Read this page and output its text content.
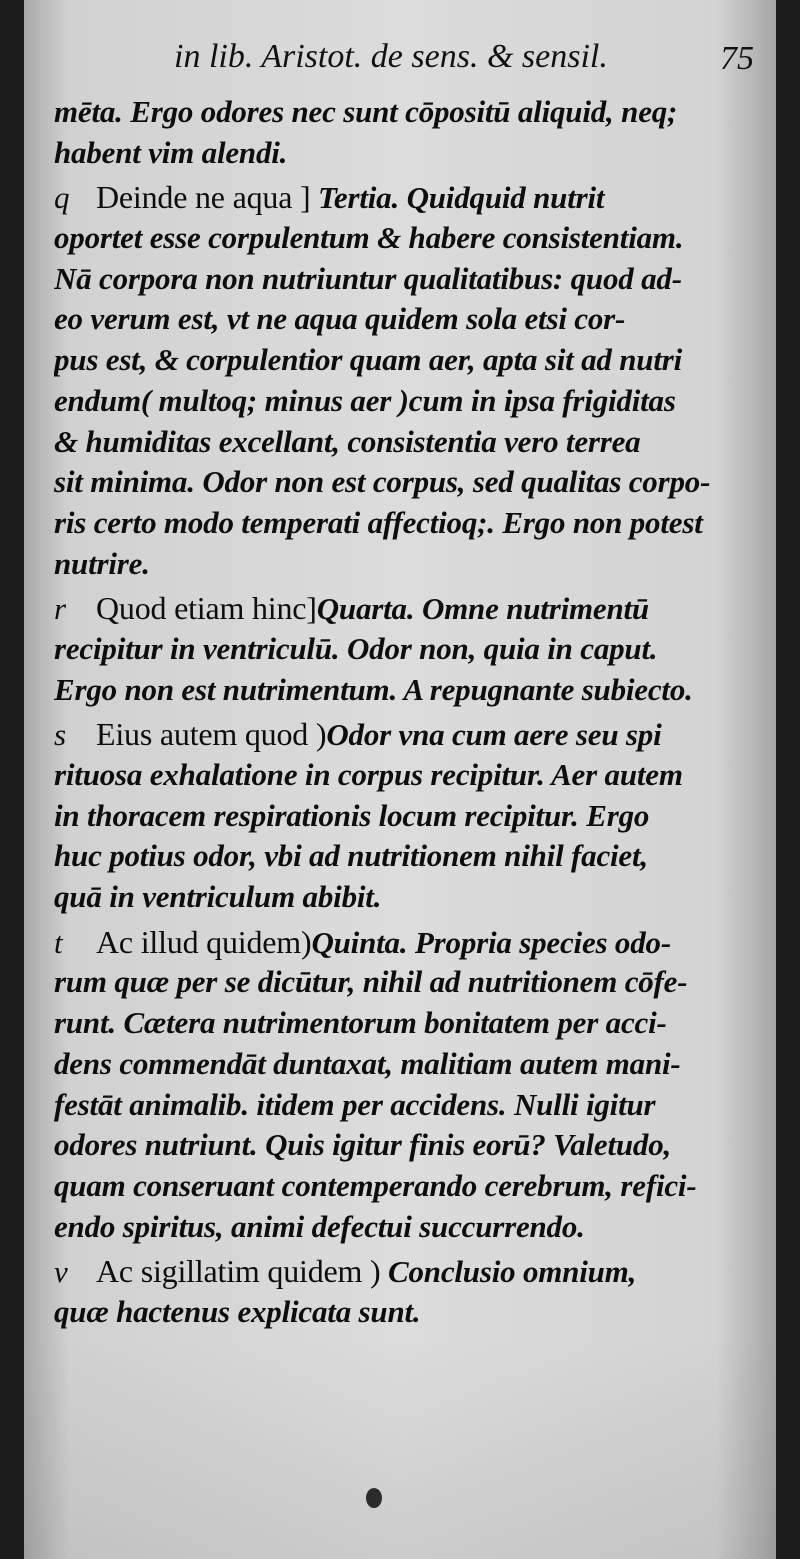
in lib. Aristot. de sens. & sensil.	75
mēta. Ergo odores nec sunt cōpositū aliquid, neq;
habent vim alendi.
q Deinde ne aqua ] Tertia. Quidquid nutrit
oportet esse corpulentum & habere consistentiam.
Nā corpora non nutriuntur qualitatibus: quod ad-
eo verum est, vt ne aqua quidem sola etsi cor-
pus est, & corpulentior quam aer, apta sit ad nutri
endum( multoq; minus aer )cum in ipsa frigiditas
& humiditas excellant, consistentia vero terrea
sit minima. Odor non est corpus, sed qualitas corpo-
ris certo modo temperati affectioq;. Ergo non potest
nutrire.
r Quod etiam hinc]Quarta. Omne nutrimentū
recipitur in ventriculū. Odor non, quia in caput.
Ergo non est nutrimentum. A repugnante subiecto.
s Eius autem quod )Odor vna cum aere seu spi
rituosa exhalatione in corpus recipitur. Aer autem
in thoracem respirationis locum recipitur. Ergo
huc potius odor, vbi ad nutritionem nihil faciet,
quā in ventriculum abibit.
t Ac illud quidem)Quinta. Propria species odo-
rum quæ per se dicūtur, nihil ad nutritionem cōfe-
runt. Cætera nutrimentorum bonitatem per acci-
dens commendāt duntaxat, malitiam autem mani-
festāt animalib. itidem per accidens. Nulli igitur
odores nutriunt. Quis igitur finis eorū? Valetudo,
quam conseruant contemperando cerebrum, refici-
endo spiritus, animi defectui succurrendo.
v Ac sigillatim quidem ) Conclusio omnium,
quæ hactenus explicata sunt.
